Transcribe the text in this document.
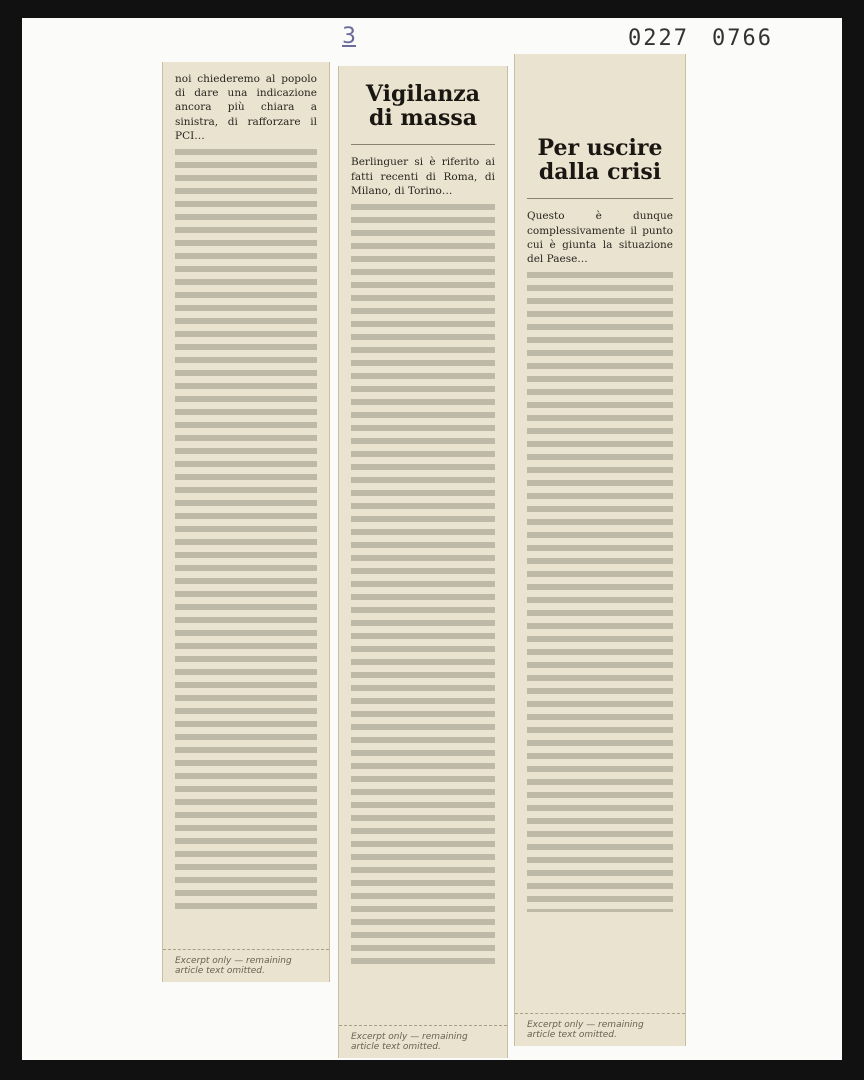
3	0227 0766

noi chiederemo al popolo di dare una indicazione ancora più chiara a sinistra, di rafforzare il PCI…

Excerpt only — remaining article text omitted.
Vigilanza di massa

Berlinguer si è riferito ai fatti recenti di Roma, di Milano, di Torino…

Excerpt only — remaining article text omitted.
Per uscire dalla crisi

Questo è dunque complessivamente il punto cui è giunta la situazione del Paese…

Excerpt only — remaining article text omitted.
